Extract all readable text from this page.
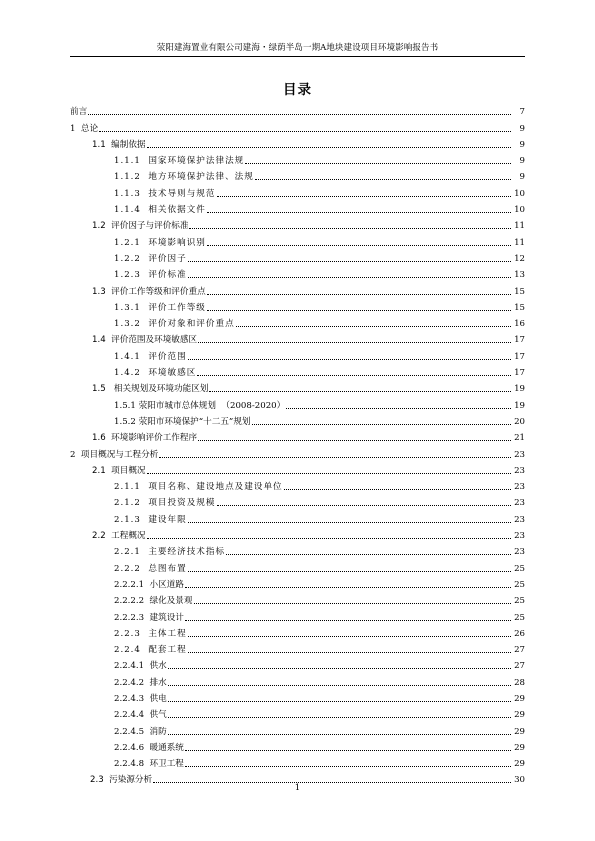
荥阳建海置业有限公司建海・绿荫半岛一期A地块建设项目环境影响报告书
目录
前言	7
1  总论	9
1.1  编制依据	9
1.1.1  国家环境保护法律法规	9
1.1.2  地方环境保护法律、法规	9
1.1.3  技术导则与规范	10
1.1.4  相关依据文件	10
1.2  评价因子与评价标准	11
1.2.1  环境影响识别	11
1.2.2  评价因子	12
1.2.3  评价标准	13
1.3  评价工作等级和评价重点	15
1.3.1  评价工作等级	15
1.3.2  评价对象和评价重点	16
1.4  评价范围及环境敏感区	17
1.4.1  评价范围	17
1.4.2  环境敏感区	17
1.5   相关规划及环境功能区划	19
1.5.1 荥阳市城市总体规划  （2008-2020）	19
1.5.2 荥阳市环境保护“十二五”规划	20
1.6  环境影响评价工作程序	21
2  项目概况与工程分析	23
2.1  项目概况	23
2.1.1  项目名称、建设地点及建设单位	23
2.1.2  项目投资及规模	23
2.1.3  建设年限	23
2.2  工程概况	23
2.2.1  主要经济技术指标	23
2.2.2  总图布置	25
2.2.2.1  小区道路	25
2.2.2.2  绿化及景观	25
2.2.2.3  建筑设计	25
2.2.3  主体工程	26
2.2.4  配套工程	27
2.2.4.1  供水	27
2.2.4.2  排水	28
2.2.4.3  供电	29
2.2.4.4  供气	29
2.2.4.5  消防	29
2.2.4.6  暖通系统	29
2.2.4.8  环卫工程	29
2.3  污染源分析	30
1
